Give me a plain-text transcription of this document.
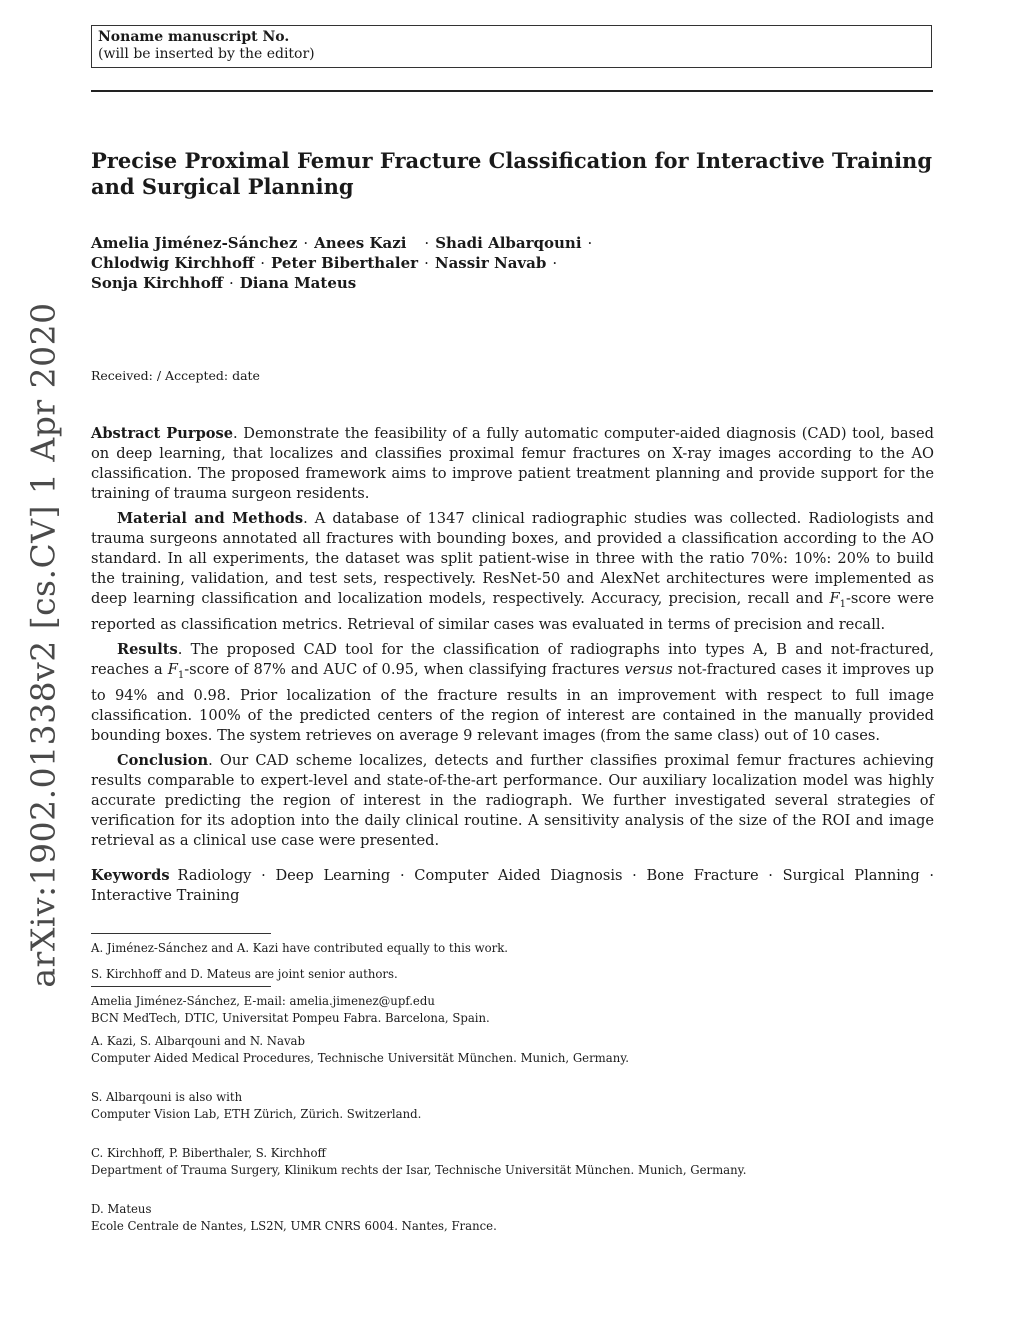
arXiv:1902.01338v2 [cs.CV] 1 Apr 2020
Noname manuscript No.
(will be inserted by the editor)
Precise Proximal Femur Fracture Classification for Interactive Training and Surgical Planning
Amelia Jiménez-Sánchez · Anees Kazi · Shadi Albarqouni ·
Chlodwig Kirchhoff · Peter Biberthaler · Nassir Navab ·
Sonja Kirchhoff · Diana Mateus
Received: / Accepted: date

Abstract Purpose. Demonstrate the feasibility of a fully automatic computer-aided diagnosis (CAD) tool, based on deep learning, that localizes and classifies proximal femur fractures on X-ray images according to the AO classification. The proposed framework aims to improve patient treatment planning and provide support for the training of trauma surgeon residents.

Material and Methods. A database of 1347 clinical radiographic studies was collected. Radiologists and trauma surgeons annotated all fractures with bounding boxes, and provided a classification according to the AO standard. In all experiments, the dataset was split patient-wise in three with the ratio 70%: 10%: 20% to build the training, validation, and test sets, respectively. ResNet-50 and AlexNet architectures were implemented as deep learning classification and localization models, respectively. Accuracy, precision, recall and $F_1$-score were reported as classification metrics. Retrieval of similar cases was evaluated in terms of precision and recall.

Results. The proposed CAD tool for the classification of radiographs into types A, B and not-fractured, reaches a $F_1$-score of 87% and AUC of 0.95, when classifying fractures versus not-fractured cases it improves up to 94% and 0.98. Prior localization of the fracture results in an improvement with respect to full image classification. 100% of the predicted centers of the region of interest are contained in the manually provided bounding boxes. The system retrieves on average 9 relevant images (from the same class) out of 10 cases.

Conclusion. Our CAD scheme localizes, detects and further classifies proximal femur fractures achieving results comparable to expert-level and state-of-the-art performance. Our auxiliary localization model was highly accurate predicting the region of interest in the radiograph. We further investigated several strategies of verification for its adoption into the daily clinical routine. A sensitivity analysis of the size of the ROI and image retrieval as a clinical use case were presented.

Keywords Radiology · Deep Learning · Computer Aided Diagnosis · Bone Fracture · Surgical Planning · Interactive Training
A. Jiménez-Sánchez and A. Kazi have contributed equally to this work.
S. Kirchhoff and D. Mateus are joint senior authors.
Amelia Jiménez-Sánchez, E-mail: amelia.jimenez@upf.edu
BCN MedTech, DTIC, Universitat Pompeu Fabra. Barcelona, Spain.
A. Kazi, S. Albarqouni and N. Navab
Computer Aided Medical Procedures, Technische Universität München. Munich, Germany.
S. Albarqouni is also with
Computer Vision Lab, ETH Zürich, Zürich. Switzerland.
C. Kirchhoff, P. Biberthaler, S. Kirchhoff
Department of Trauma Surgery, Klinikum rechts der Isar, Technische Universität München. Munich, Germany.
D. Mateus
Ecole Centrale de Nantes, LS2N, UMR CNRS 6004. Nantes, France.
